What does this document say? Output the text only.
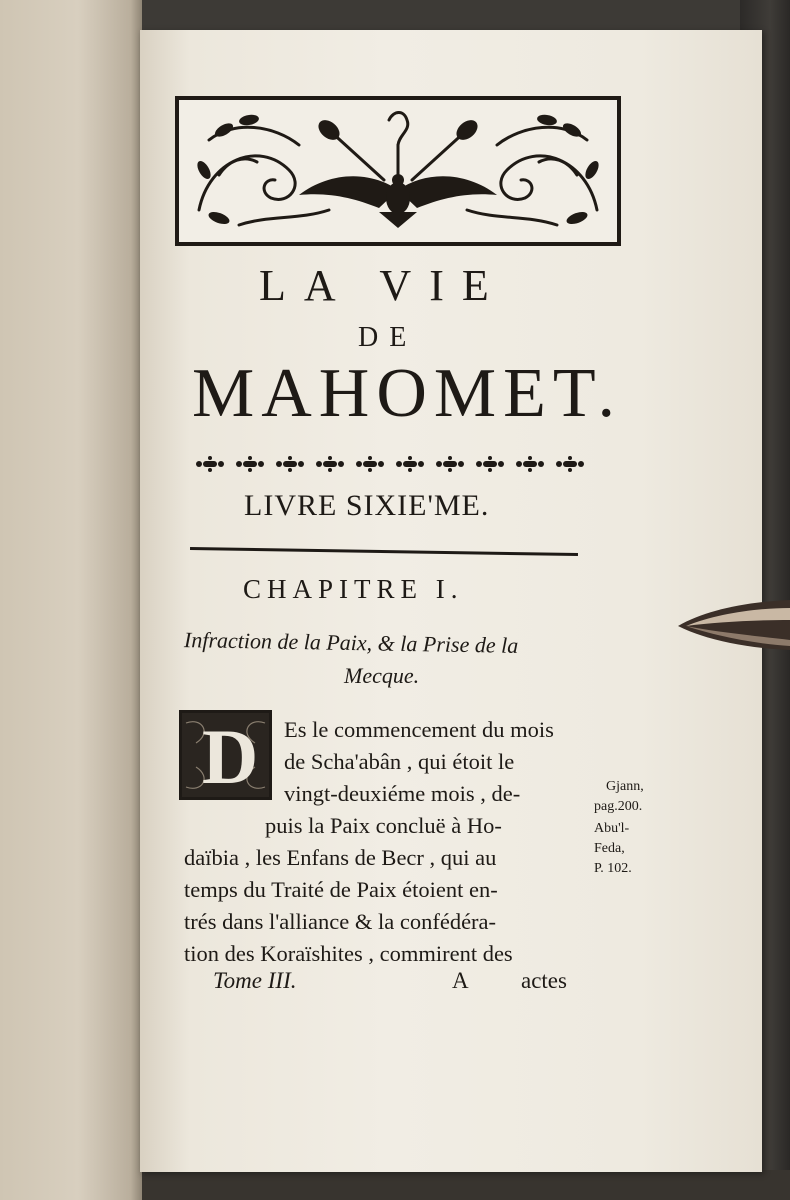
LA VIE
DE
MAHOMET.
LIVRE SIXIE'ME.
CHAPITRE I.
Infraction de la Paix, & la Prise de la
Mecque.
D Es le commencement du mois
de Scha'abân , qui étoit le
vingt-deuxiéme mois , de-
puis la Paix concluë à Ho-
daïbia , les Enfans de Becr , qui au
temps du Traité de Paix étoient en-
trés dans l'alliance & la confédéra-
tion des Koraïshites , commirent des
Gjann,
pag.200.
Abu'l-
Feda,
P. 102.
Tome III.	A actes
